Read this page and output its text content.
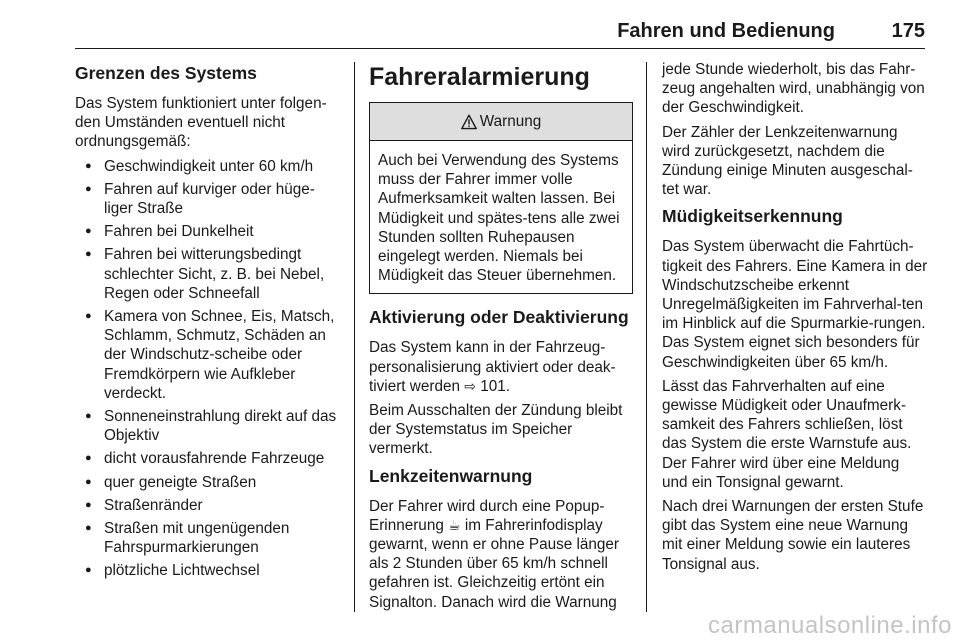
Fahren und Bedienung	175
Grenzen des Systems

Das System funktioniert unter folgen-den Umständen eventuell nicht ordnungsgemäß:

● Geschwindigkeit unter 60 km/h
● Fahren auf kurviger oder hüge-liger Straße
● Fahren bei Dunkelheit
● Fahren bei witterungsbedingt schlechter Sicht, z. B. bei Nebel, Regen oder Schneefall
● Kamera von Schnee, Eis, Matsch, Schlamm, Schmutz, Schäden an der Windschutz-scheibe oder Fremdkörpern wie Aufkleber verdeckt.
● Sonneneinstrahlung direkt auf das Objektiv
● dicht vorausfahrende Fahrzeuge
● quer geneigte Straßen
● Straßenränder
● Straßen mit ungenügenden Fahrspurmarkierungen
● plötzliche Lichtwechsel
Fahreralarmierung
Warnung
Auch bei Verwendung des Systems muss der Fahrer immer volle Aufmerksamkeit walten lassen. Bei Müdigkeit und spätes-tens alle zwei Stunden sollten Ruhepausen eingelegt werden. Niemals bei Müdigkeit das Steuer übernehmen.
Aktivierung oder Deaktivierung

Das System kann in der Fahrzeug-personalisierung aktiviert oder deak-tiviert werden ⇨ 101.

Beim Ausschalten der Zündung bleibt der Systemstatus im Speicher vermerkt.

Lenkzeitenwarnung

Der Fahrer wird durch eine Popup-Erinnerung ☕ im Fahrerinfodisplay gewarnt, wenn er ohne Pause länger als 2 Stunden über 65 km/h schnell gefahren ist. Gleichzeitig ertönt ein Signalton. Danach wird die Warnung

jede Stunde wiederholt, bis das Fahr-zeug angehalten wird, unabhängig von der Geschwindigkeit.

Der Zähler der Lenkzeitenwarnung wird zurückgesetzt, nachdem die Zündung einige Minuten ausgeschal-tet war.

Müdigkeitserkennung

Das System überwacht die Fahrtüch-tigkeit des Fahrers. Eine Kamera in der Windschutzscheibe erkennt Unregelmäßigkeiten im Fahrverhal-ten im Hinblick auf die Spurmarkie-rungen. Das System eignet sich besonders für Geschwindigkeiten über 65 km/h.

Lässt das Fahrverhalten auf eine gewisse Müdigkeit oder Unaufmerk-samkeit des Fahrers schließen, löst das System die erste Warnstufe aus. Der Fahrer wird über eine Meldung und ein Tonsignal gewarnt.

Nach drei Warnungen der ersten Stufe gibt das System eine neue Warnung mit einer Meldung sowie ein lauteres Tonsignal aus.

carmanualsonline.info
